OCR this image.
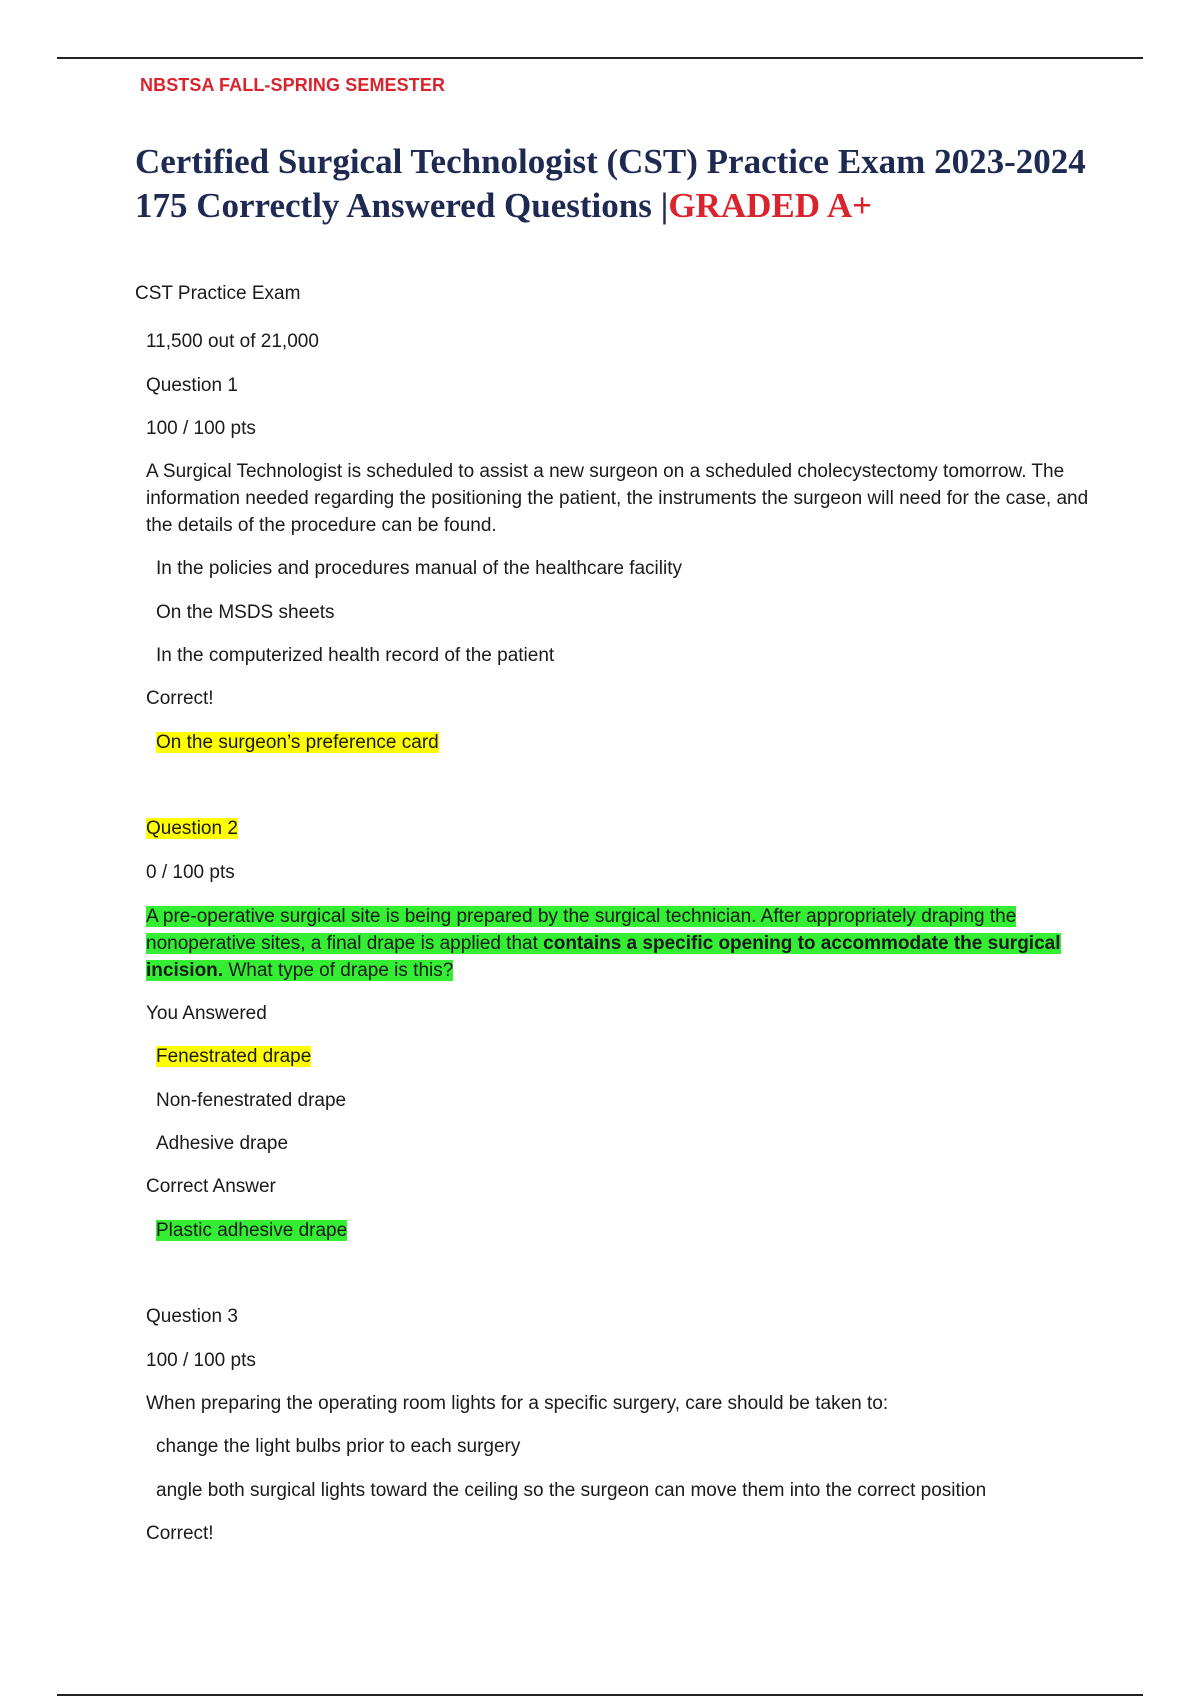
NBSTSA FALL-SPRING SEMESTER
Certified Surgical Technologist (CST) Practice Exam 2023-2024 175 Correctly Answered Questions |GRADED A+
CST Practice Exam
11,500 out of 21,000
Question 1
100 / 100 pts
A Surgical Technologist is scheduled to assist a new surgeon on a scheduled cholecystectomy tomorrow. The information needed regarding the positioning the patient, the instruments the surgeon will need for the case, and the details of the procedure can be found.
In the policies and procedures manual of the healthcare facility
On the MSDS sheets
In the computerized health record of the patient
Correct!
On the surgeon’s preference card
Question 2
0 / 100 pts
A pre-operative surgical site is being prepared by the surgical technician. After appropriately draping the nonoperative sites, a final drape is applied that contains a specific opening to accommodate the surgical incision. What type of drape is this?
You Answered
Fenestrated drape
Non-fenestrated drape
Adhesive drape
Correct Answer
Plastic adhesive drape
Question 3
100 / 100 pts
When preparing the operating room lights for a specific surgery, care should be taken to:
change the light bulbs prior to each surgery
angle both surgical lights toward the ceiling so the surgeon can move them into the correct position
Correct!
